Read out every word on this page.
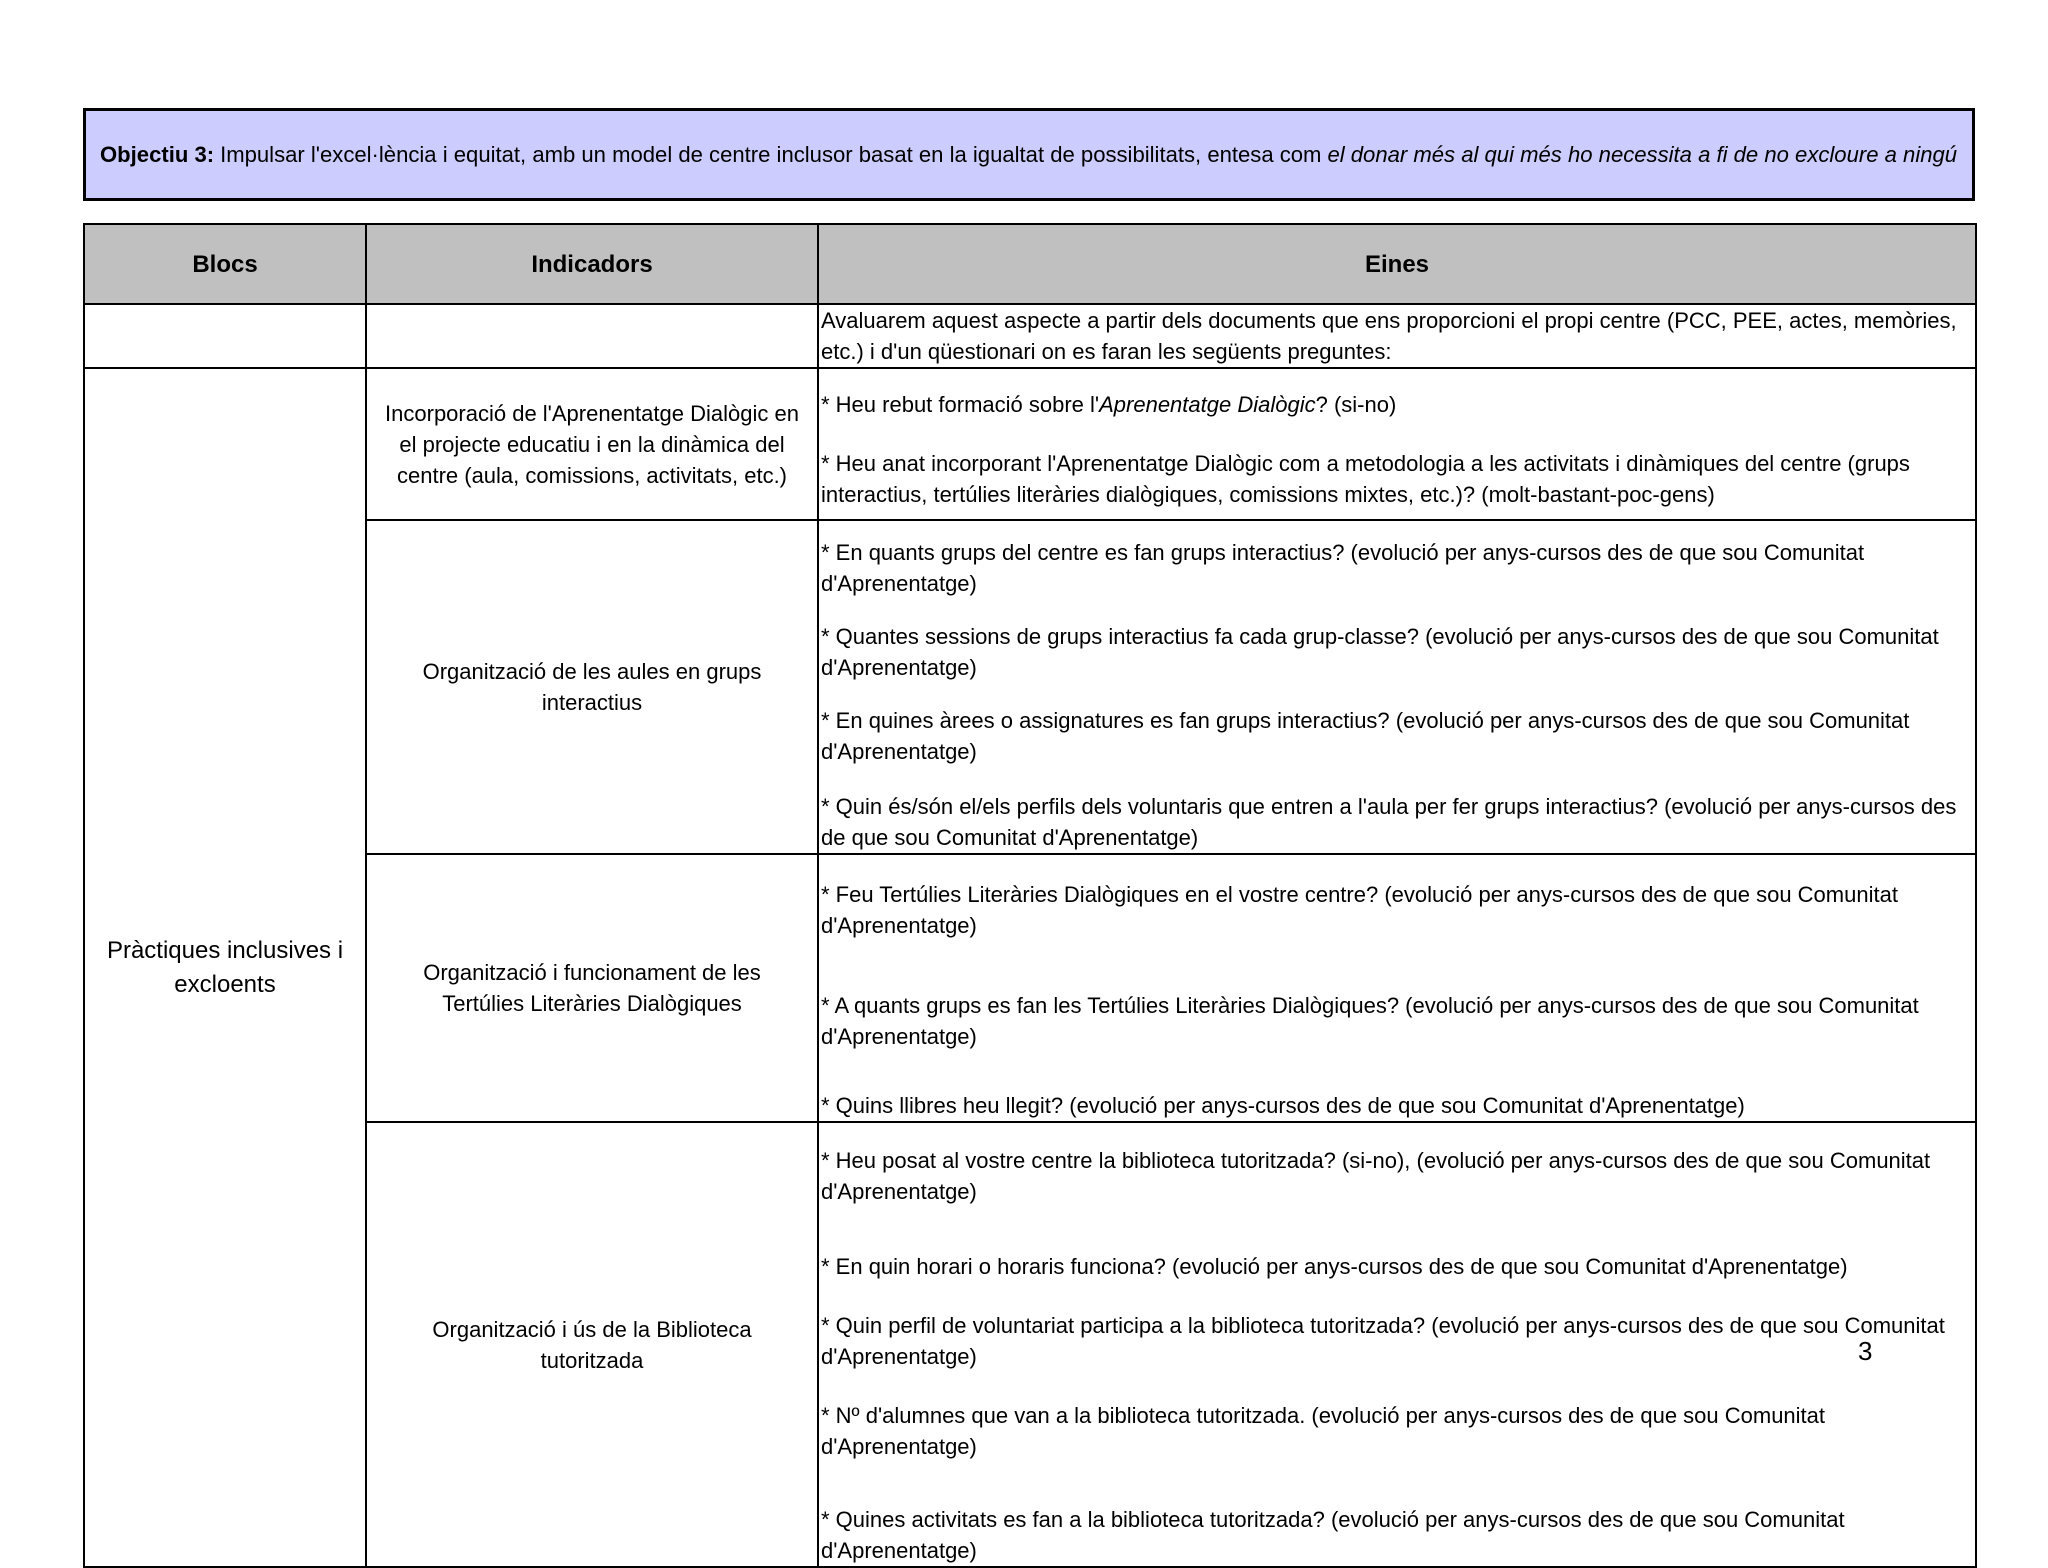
Objectiu 3: Impulsar l'excel·lència i equitat, amb un model de centre inclusor basat en la igualtat de possibilitats, entesa com el donar més al qui més ho necessita a fi de no excloure a ningú
Blocs	Indicadors	Eines
		Avaluarem aquest aspecte a partir dels documents que ens proporcioni el propi centre (PCC, PEE, actes, memòries, etc.) i d'un qüestionari on es faran les següents preguntes:
Pràctiques inclusives i excloents	Incorporació de l'Aprenentatge Dialògic en el projecte educatiu i en la dinàmica del centre (aula, comissions, activitats, etc.)	* Heu rebut formació sobre l'Aprenentatge Dialògic? (si-no)
* Heu anat incorporant l'Aprenentatge Dialògic com a metodologia a les activitats i dinàmiques del centre (grups interactius, tertúlies literàries dialògiques, comissions mixtes, etc.)? (molt-bastant-poc-gens)

	Organització de les aules en grups interactius	* En quants grups del centre es fan grups interactius? (evolució per anys-cursos des de que sou Comunitat d'Aprenentatge)
* Quantes sessions de grups interactius fa cada grup-classe? (evolució per anys-cursos des de que sou Comunitat d'Aprenentatge)
* En quines àrees o assignatures es fan grups interactius? (evolució per anys-cursos des de que sou Comunitat d'Aprenentatge)
* Quin és/són el/els perfils dels voluntaris que entren a l'aula per fer grups interactius? (evolució per anys-cursos des de que sou Comunitat d'Aprenentatge)

	Organització i funcionament de les Tertúlies Literàries Dialògiques	* Feu Tertúlies Literàries Dialògiques en el vostre centre? (evolució per anys-cursos des de que sou Comunitat d'Aprenentatge)
* A quants grups es fan les Tertúlies Literàries Dialògiques? (evolució per anys-cursos des de que sou Comunitat d'Aprenentatge)
* Quins llibres heu llegit? (evolució per anys-cursos des de que sou Comunitat d'Aprenentatge)

	Organització i ús de la Biblioteca tutoritzada	* Heu posat al vostre centre la biblioteca tutoritzada? (si-no), (evolució per anys-cursos des de que sou Comunitat d'Aprenentatge)
* En quin horari o horaris funciona? (evolució per anys-cursos des de que sou Comunitat d'Aprenentatge)
* Quin perfil de voluntariat participa a la biblioteca tutoritzada? (evolució per anys-cursos des de que sou Comunitat d'Aprenentatge)
* Nº d'alumnes que van a la biblioteca tutoritzada. (evolució per anys-cursos des de que sou Comunitat d'Aprenentatge)
* Quines activitats es fan a la biblioteca tutoritzada? (evolució per anys-cursos des de que sou Comunitat d'Aprenentatge)
3
